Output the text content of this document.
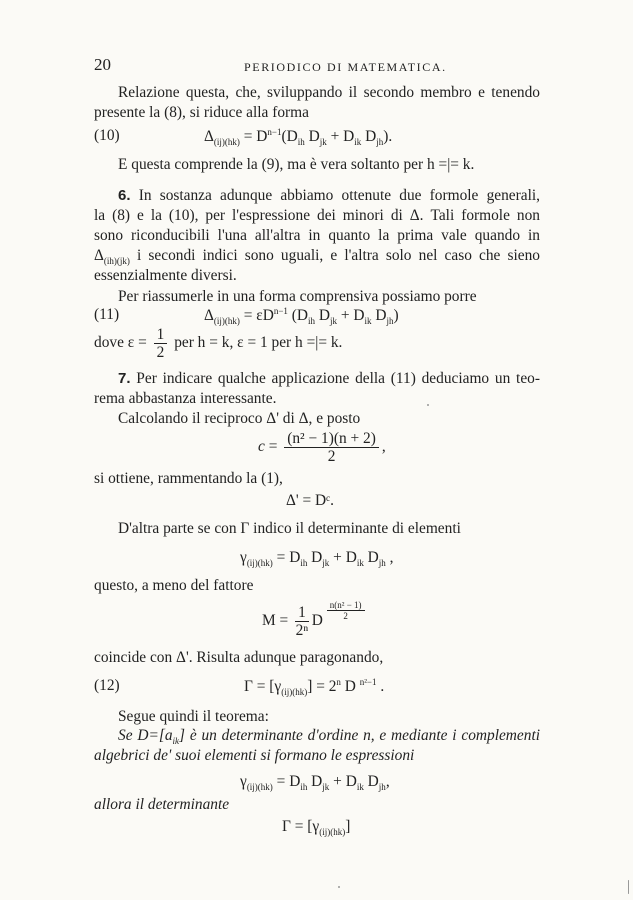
20	PERIODICO DI MATEMATICA.
Relazione questa, che, sviluppando il secondo membro e tenendo
presente la (8), si riduce alla forma
(10)	$\Delta_{(ij)(hk)} = D^{n-1}(D_{ih}$ $D_{jk} + D_{ik}$ $D_{jh}$).
E questa comprende la (9), ma è vera soltanto per h =|= k.
6. In sostanza adunque abbiamo ottenute due formole generali,
la (8) e la (10), per l'espressione dei minori di Δ. Tali formole non
sono riconducibili l'una all'altra in quanto la prima vale quando in
$\Delta_{(ih)(jk)}$ i secondi indici sono uguali, e l'altra solo nel caso che sieno
essenzialmente diversi.
Per riassumerle in una forma comprensiva possiamo porre
(11)	$\Delta_{(ij)(hk)} = \varepsilon D^{n-1}$ ($D_{ih}$ $D_{jk} + D_{ik}$ $D_{jh}$)
dove $\varepsilon = \frac{1}{2}$ per h = k, ε = 1 per h =|= k.
7. Per indicare qualche applicazione della (11) deduciamo un teo-
rema abbastanza interessante.
Calcolando il reciproco Δ' di Δ, e posto
$c = \frac{\text{(n² − 1)(n + 2)}}{2}$ ,
si ottiene, rammentando la (1),
Δ' = Dᶜ.
D'altra parte se con Γ indico il determinante di elementi
$\gamma_{(ij)(hk)} = D_{ih}$ $D_{jk} + D_{ik}$ $D_{jh}$ ,
questo, a meno del fattore
$M = \frac{1}{\text{2ⁿ}}$ D $\frac{\text{n(n² − 1)}}{2}$
coincide con Δ'. Risulta adunque paragonando,
(12)	$\Gamma = [\gamma_{(ij)(hk)}] = 2^n$ D $^{n^2-1}$ .
Segue quindi il teorema:
Se $D=[a_{ik}]$ è un determinante d'ordine n, e mediante i complementi
algebrici de' suoi elementi si formano le espressioni
$\gamma_{(ij)(hk)} = D_{ih}$ $D_{jk} + D_{ik}$ $D_{jh}$,
allora il determinante
$\Gamma = [\gamma_{(ij)(hk)}]$
